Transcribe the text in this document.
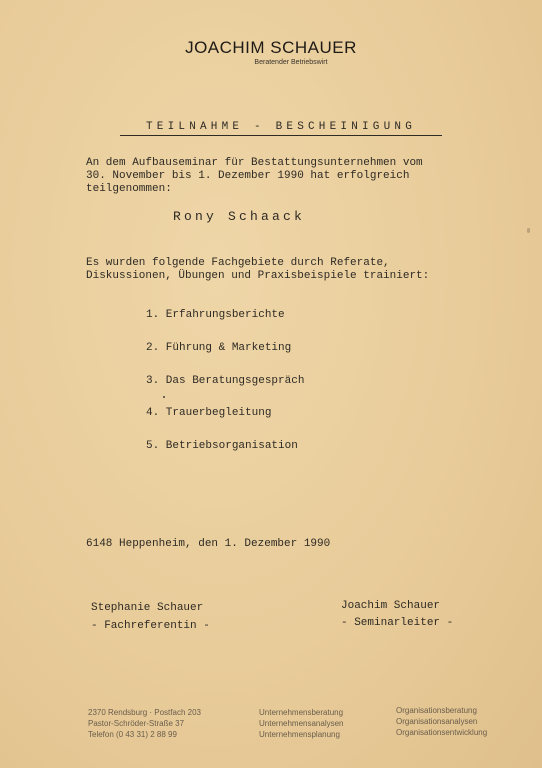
JOACHIM SCHAUER
Beratender Betriebswirt
TEILNAHME - BESCHEINIGUNG
An dem Aufbauseminar für Bestattungsunternehmen vom
30. November bis 1. Dezember 1990 hat erfolgreich
teilgenommen:
Rony Schaack
Es wurden folgende Fachgebiete durch Referate,
Diskussionen, Übungen und Praxisbeispiele trainiert:
1. Erfahrungsberichte
2. Führung & Marketing
3. Das Beratungsgespräch
4. Trauerbegleitung
5. Betriebsorganisation
6148 Heppenheim, den 1. Dezember 1990
Stephanie Schauer
- Fachreferentin -
Joachim Schauer
- Seminarleiter -
2370 Rendsburg · Postfach 203
Pastor-Schröder-Straße 37
Telefon (0 43 31) 2 88 99
Unternehmensberatung
Unternehmensanalysen
Unternehmensplanung
Organisationsberatung
Organisationsanalysen
Organisationsentwicklung
